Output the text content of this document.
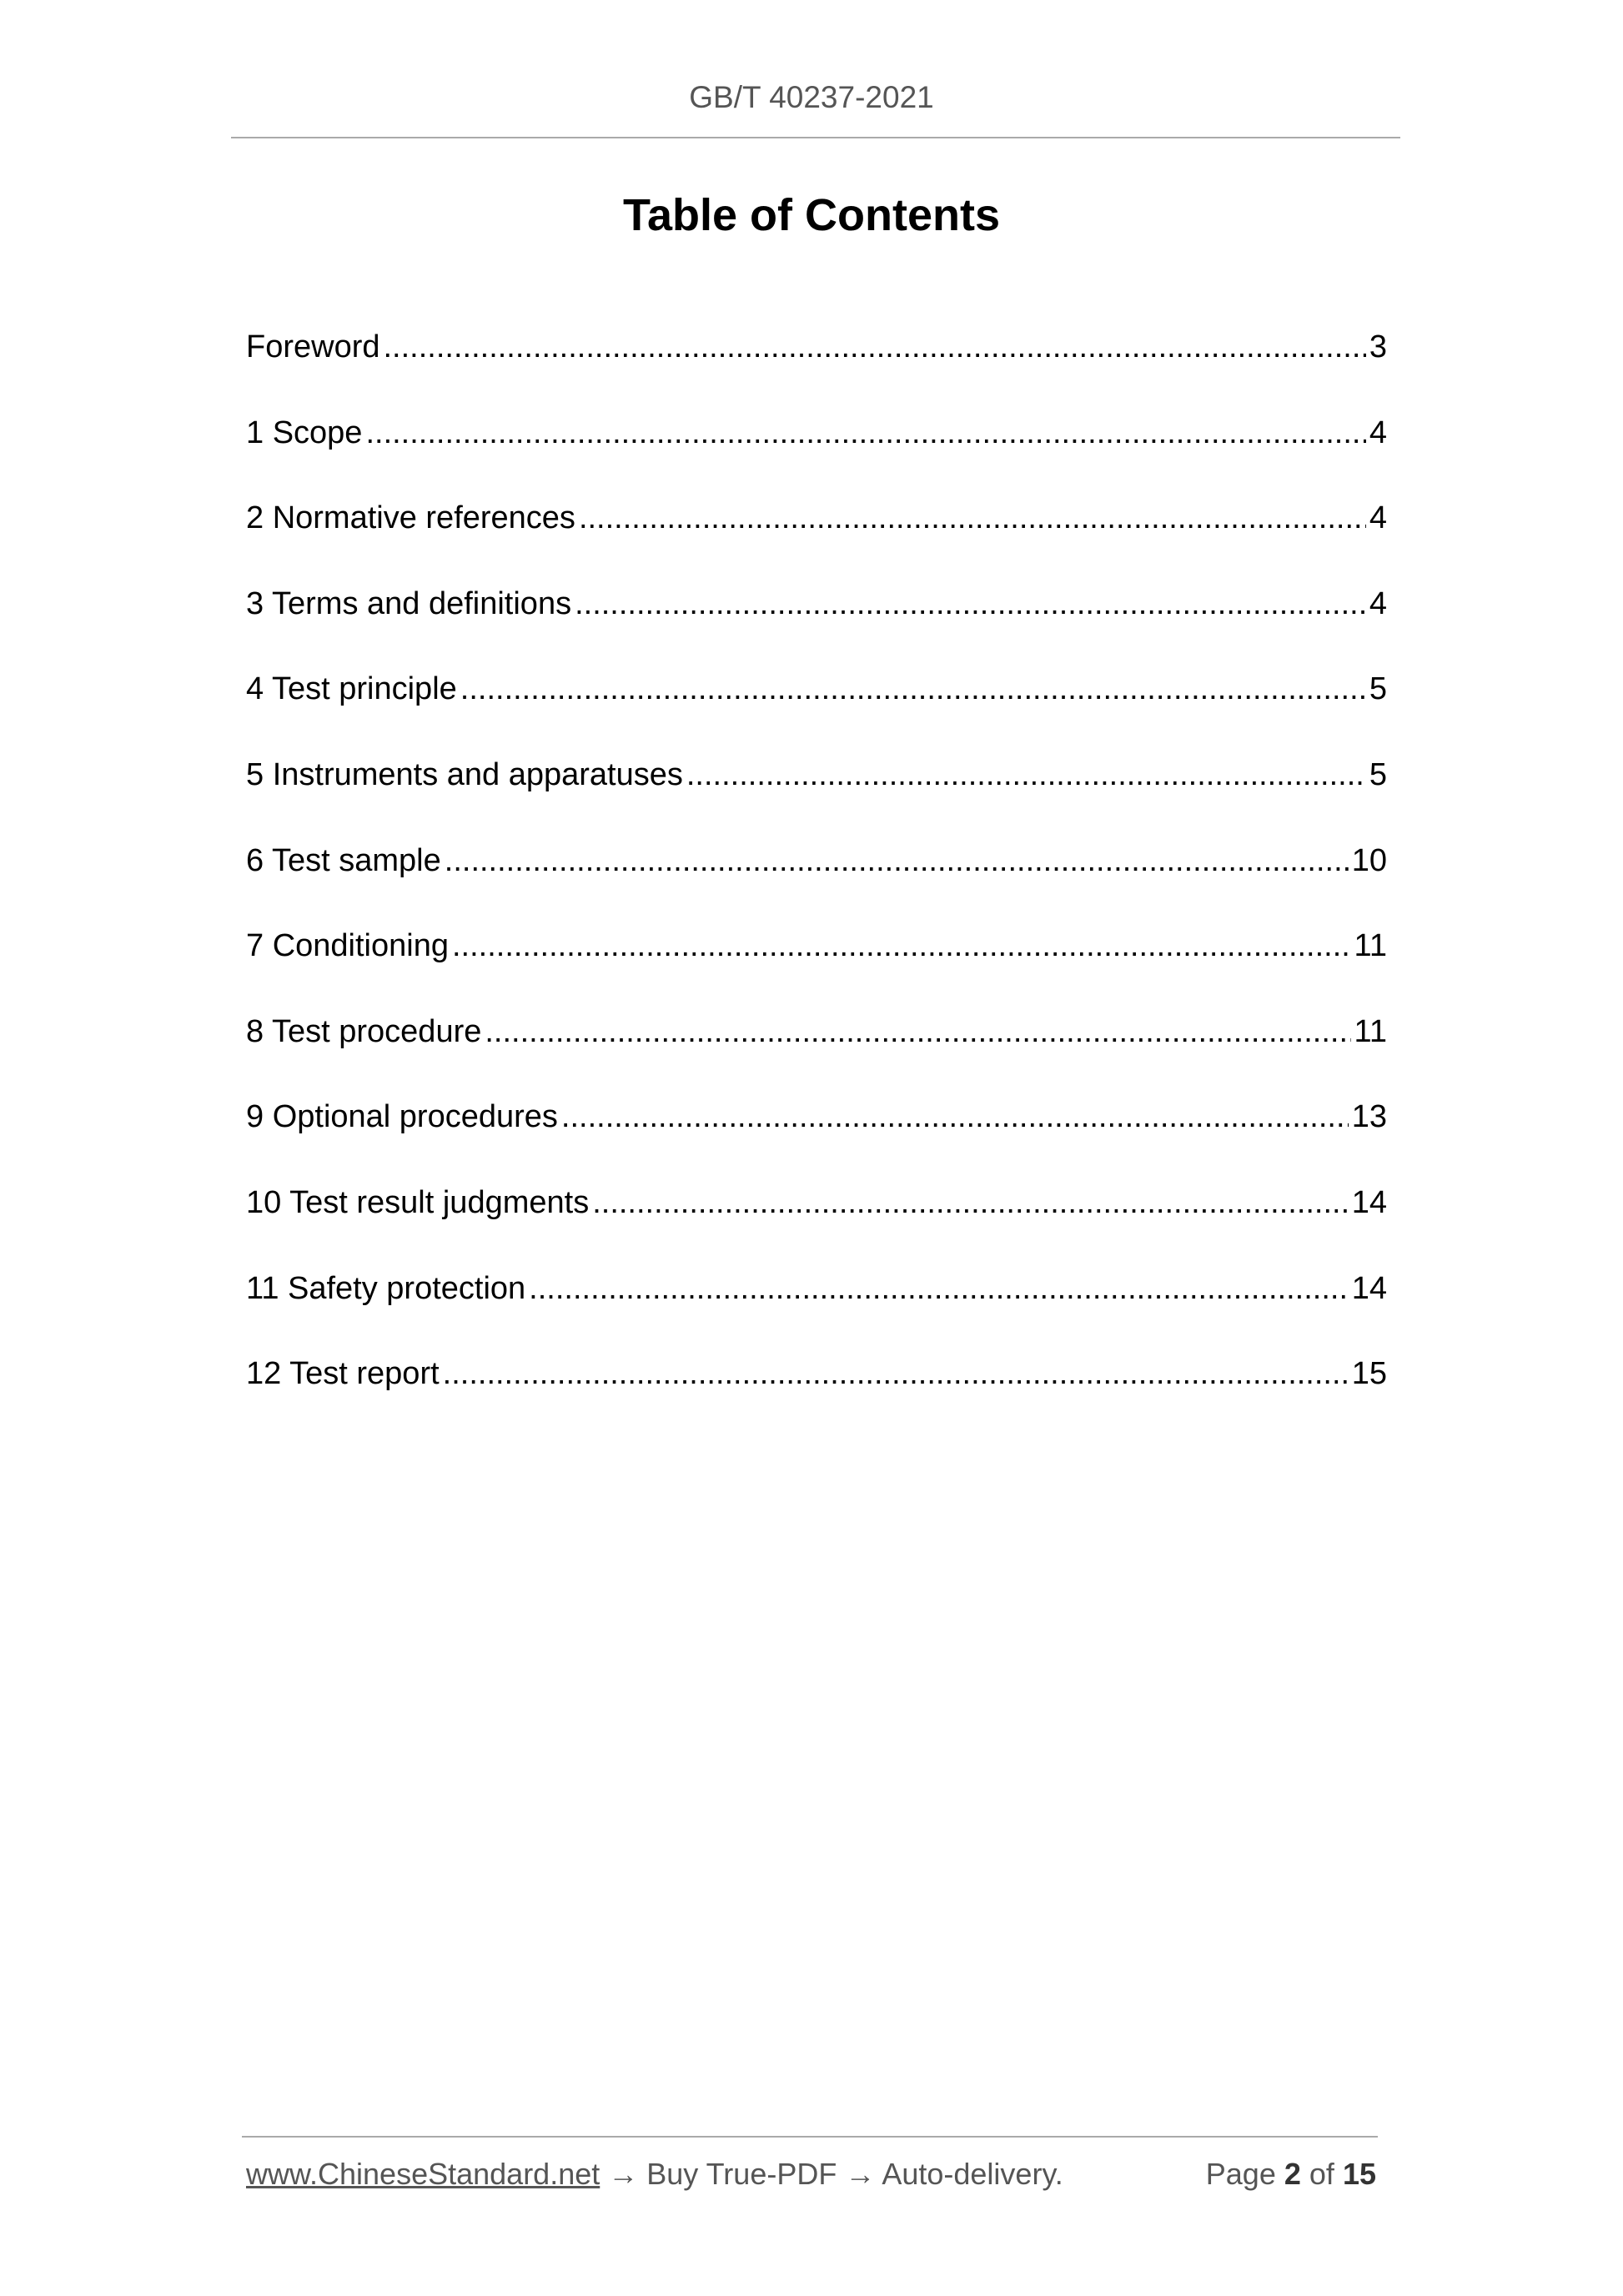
GB/T 40237-2021
Table of Contents
Foreword .....	3
1 Scope .....	4
2 Normative references .....	4
3 Terms and definitions .....	4
4 Test principle .....	5
5 Instruments and apparatuses .....	5
6 Test sample .....	10
7 Conditioning .....	11
8 Test procedure .....	11
9 Optional procedures .....	13
10 Test result judgments .....	14
11 Safety protection .....	14
12 Test report .....	15
www.ChineseStandard.net → Buy True-PDF → Auto-delivery.	Page 2 of 15
